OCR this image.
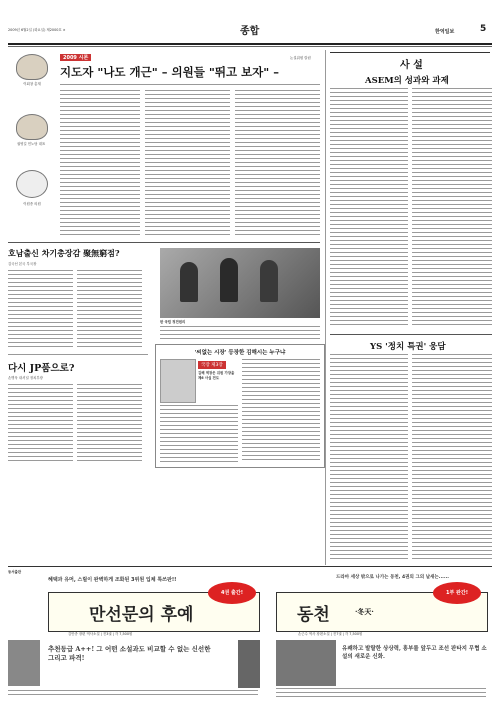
2009년 6월2일 (화요일) 제2000호 ×	종합	한억일보	5
이회창 총재
권영길 민노당 대표
이원종 의원
2009 시론	논설위원 칼럼
지도자 "나도 개근" – 의원들 "뛰고 보자" –	사 설
ASEM의 성과와 과제
YS '정치 특권' 웅담
호남출신 차기총장감 聚無窮점?
김국선 본국 부국장
한 국립 정전원의
다시 JP품으로?
손병욱 내셔널 정치부장
'씨없는 시장' 등장한 김해시는 누구냐
국장 제3장
김해 역장은 위원 가장을 제6 사실 전도
동서출판
혜택과 유머, 스릴이 완벽하게 조화된 3위원 입체 톡쓰판!!	드라마 세상 밖으로 나가는 동천, 4권의 그의 날새는......
만선문의 후예
4권 출간!
김만종 장편 역사소설 | 전3권 | 각 7,500원
동천	·冬天·
1부 완간!
손근수 역사 장편소설 | 전7권 | 각 7,500원
추천등급 A++! 그 어떤 소설과도 비교할 수 없는 신선한 그리고 파격!
유쾌하고 발랄한 상상력, 흥부를 앞두고 조선 판타지 무협 소설의 새로운 신화.
